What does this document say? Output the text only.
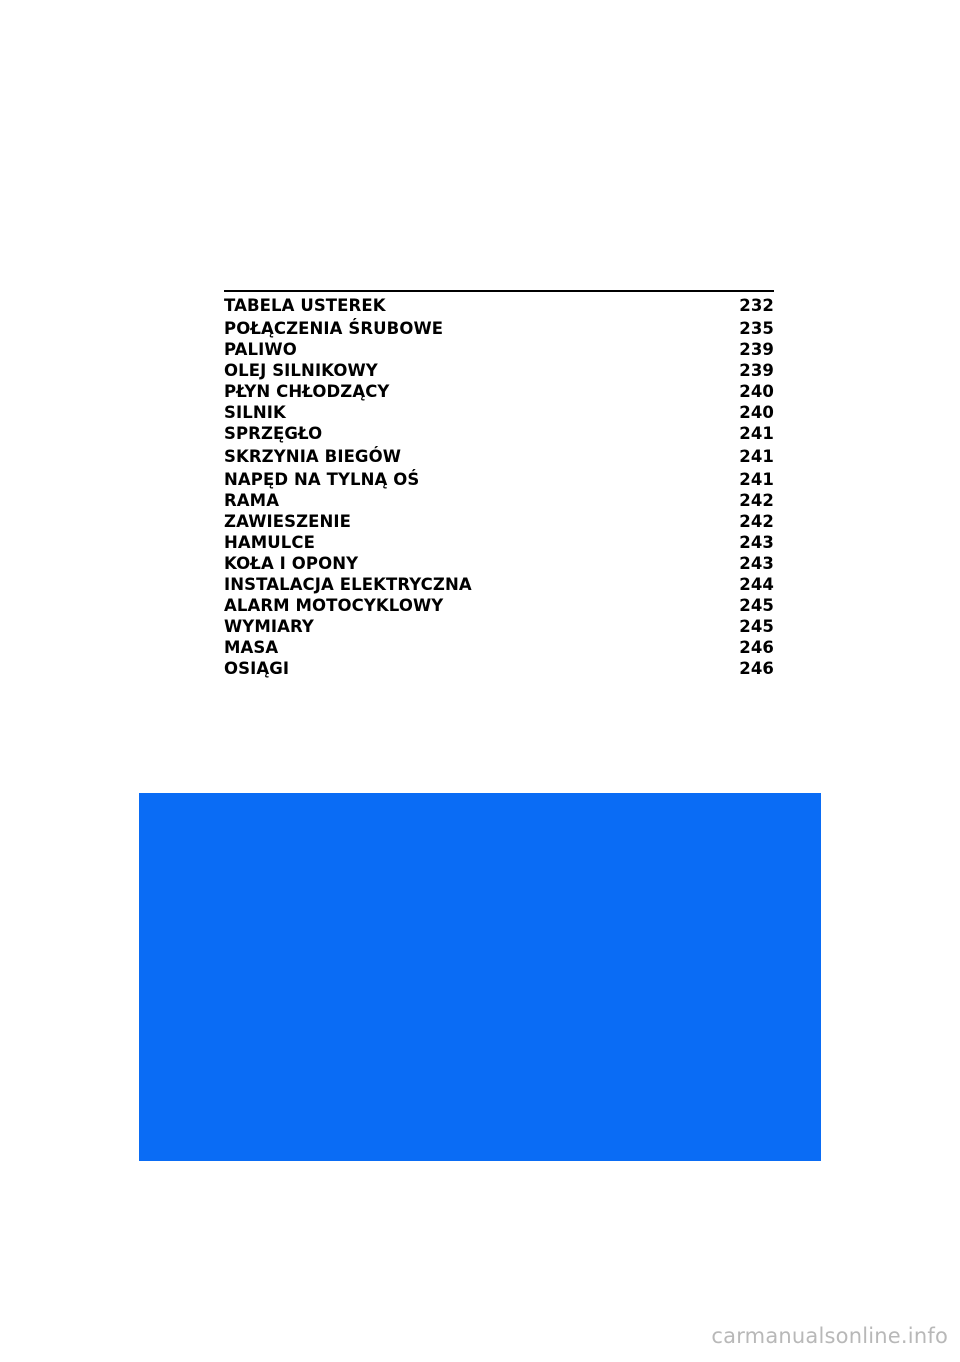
TABELA USTEREK	232
POŁĄCZENIA ŚRUBOWE	235
PALIWO	239
OLEJ SILNIKOWY	239
PŁYN CHŁODZĄCY	240
SILNIK	240
SPRZĘGŁO	241
SKRZYNIA BIEGÓW	241
NAPĘD NA TYLNĄ OŚ	241
RAMA	242
ZAWIESZENIE	242
HAMULCE	243
KOŁA I OPONY	243
INSTALACJA ELEKTRYCZNA	244
ALARM MOTOCYKLOWY	245
WYMIARY	245
MASA	246
OSIĄGI	246
carmanualsonline.info
